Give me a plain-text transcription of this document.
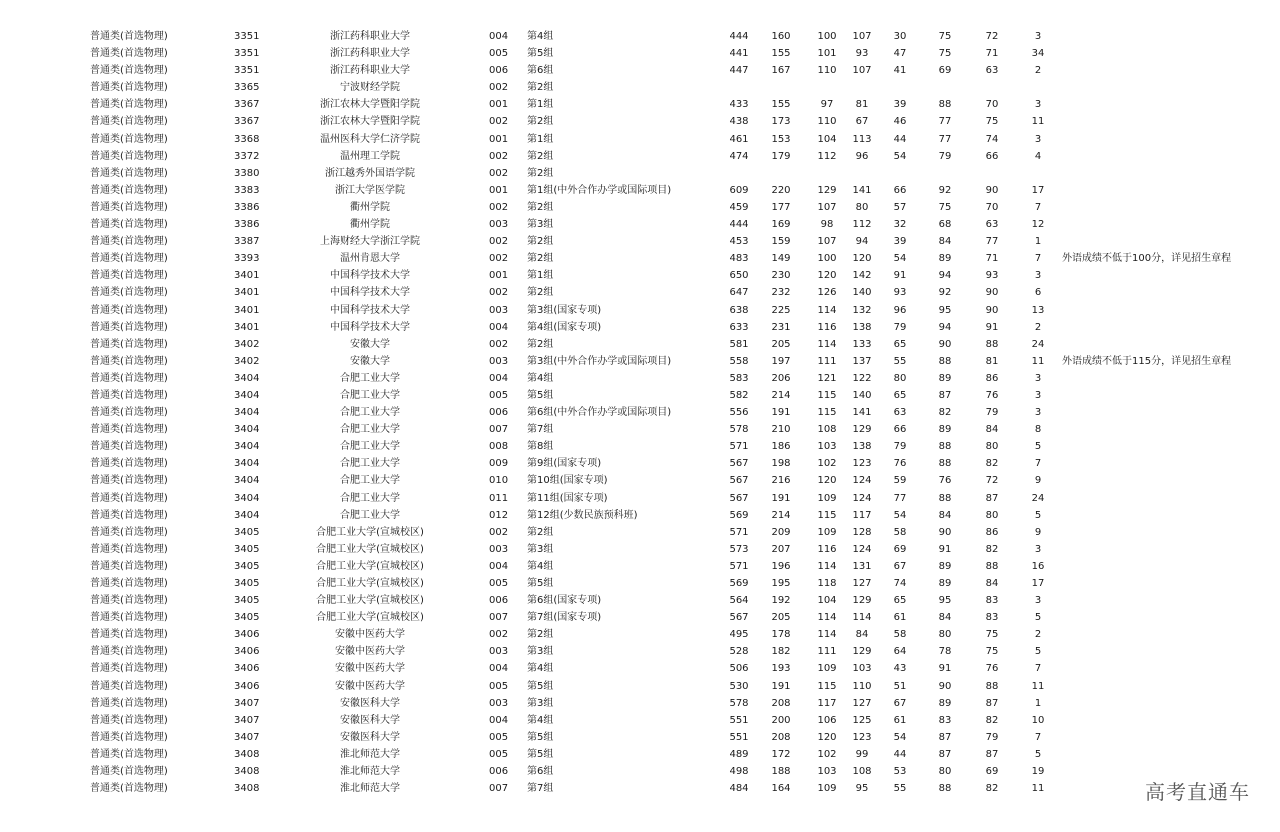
普通类(首选物理)	3351	浙江药科职业大学	004 第4组	444	160	100	107	30	75	72	3
普通类(首选物理)	3351	浙江药科职业大学	005 第5组	441	155	101	93	47	75	71	34
普通类(首选物理)	3351	浙江药科职业大学	006 第6组	447	167	110	107	41	69	63	2
普通类(首选物理)	3365	宁波财经学院	002 第2组
普通类(首选物理)	3367	浙江农林大学暨阳学院	001 第1组	433	155	97	81	39	88	70	3
普通类(首选物理)	3367	浙江农林大学暨阳学院	002 第2组	438	173	110	67	46	77	75	11
普通类(首选物理)	3368	温州医科大学仁济学院	001 第1组	461	153	104	113	44	77	74	3
普通类(首选物理)	3372	温州理工学院	002 第2组	474	179	112	96	54	79	66	4
普通类(首选物理)	3380	浙江越秀外国语学院	002 第2组
普通类(首选物理)	3383	浙江大学医学院	001 第1组(中外合作办学或国际项目)	609	220	129	141	66	92	90	17
普通类(首选物理)	3386	衢州学院	002 第2组	459	177	107	80	57	75	70	7
普通类(首选物理)	3386	衢州学院	003 第3组	444	169	98	112	32	68	63	12
普通类(首选物理)	3387	上海财经大学浙江学院	002 第2组	453	159	107	94	39	84	77	1
普通类(首选物理)	3393	温州肯恩大学	002 第2组	483	149	100	120	54	89	71	7	外语成绩不低于100分，详见招生章程
普通类(首选物理)	3401	中国科学技术大学	001 第1组	650	230	120	142	91	94	93	3
普通类(首选物理)	3401	中国科学技术大学	002 第2组	647	232	126	140	93	92	90	6
普通类(首选物理)	3401	中国科学技术大学	003 第3组(国家专项)	638	225	114	132	96	95	90	13
普通类(首选物理)	3401	中国科学技术大学	004 第4组(国家专项)	633	231	116	138	79	94	91	2
普通类(首选物理)	3402	安徽大学	002 第2组	581	205	114	133	65	90	88	24
普通类(首选物理)	3402	安徽大学	003 第3组(中外合作办学或国际项目)	558	197	111	137	55	88	81	11	外语成绩不低于115分，详见招生章程
普通类(首选物理)	3404	合肥工业大学	004 第4组	583	206	121	122	80	89	86	3
普通类(首选物理)	3404	合肥工业大学	005 第5组	582	214	115	140	65	87	76	3
普通类(首选物理)	3404	合肥工业大学	006 第6组(中外合作办学或国际项目)	556	191	115	141	63	82	79	3
普通类(首选物理)	3404	合肥工业大学	007 第7组	578	210	108	129	66	89	84	8
普通类(首选物理)	3404	合肥工业大学	008 第8组	571	186	103	138	79	88	80	5
普通类(首选物理)	3404	合肥工业大学	009 第9组(国家专项)	567	198	102	123	76	88	82	7
普通类(首选物理)	3404	合肥工业大学	010 第10组(国家专项)	567	216	120	124	59	76	72	9
普通类(首选物理)	3404	合肥工业大学	011 第11组(国家专项)	567	191	109	124	77	88	87	24
普通类(首选物理)	3404	合肥工业大学	012 第12组(少数民族预科班)	569	214	115	117	54	84	80	5
普通类(首选物理)	3405	合肥工业大学(宣城校区)	002 第2组	571	209	109	128	58	90	86	9
普通类(首选物理)	3405	合肥工业大学(宣城校区)	003 第3组	573	207	116	124	69	91	82	3
普通类(首选物理)	3405	合肥工业大学(宣城校区)	004 第4组	571	196	114	131	67	89	88	16
普通类(首选物理)	3405	合肥工业大学(宣城校区)	005 第5组	569	195	118	127	74	89	84	17
普通类(首选物理)	3405	合肥工业大学(宣城校区)	006 第6组(国家专项)	564	192	104	129	65	95	83	3
普通类(首选物理)	3405	合肥工业大学(宣城校区)	007 第7组(国家专项)	567	205	114	114	61	84	83	5
普通类(首选物理)	3406	安徽中医药大学	002 第2组	495	178	114	84	58	80	75	2
普通类(首选物理)	3406	安徽中医药大学	003 第3组	528	182	111	129	64	78	75	5
普通类(首选物理)	3406	安徽中医药大学	004 第4组	506	193	109	103	43	91	76	7
普通类(首选物理)	3406	安徽中医药大学	005 第5组	530	191	115	110	51	90	88	11
普通类(首选物理)	3407	安徽医科大学	003 第3组	578	208	117	127	67	89	87	1
普通类(首选物理)	3407	安徽医科大学	004 第4组	551	200	106	125	61	83	82	10
普通类(首选物理)	3407	安徽医科大学	005 第5组	551	208	120	123	54	87	79	7
普通类(首选物理)	3408	淮北师范大学	005 第5组	489	172	102	99	44	87	87	5
普通类(首选物理)	3408	淮北师范大学	006 第6组	498	188	103	108	53	80	69	19
普通类(首选物理)	3408	淮北师范大学	007 第7组	484	164	109	95	55	88	82	11	高考直通车
